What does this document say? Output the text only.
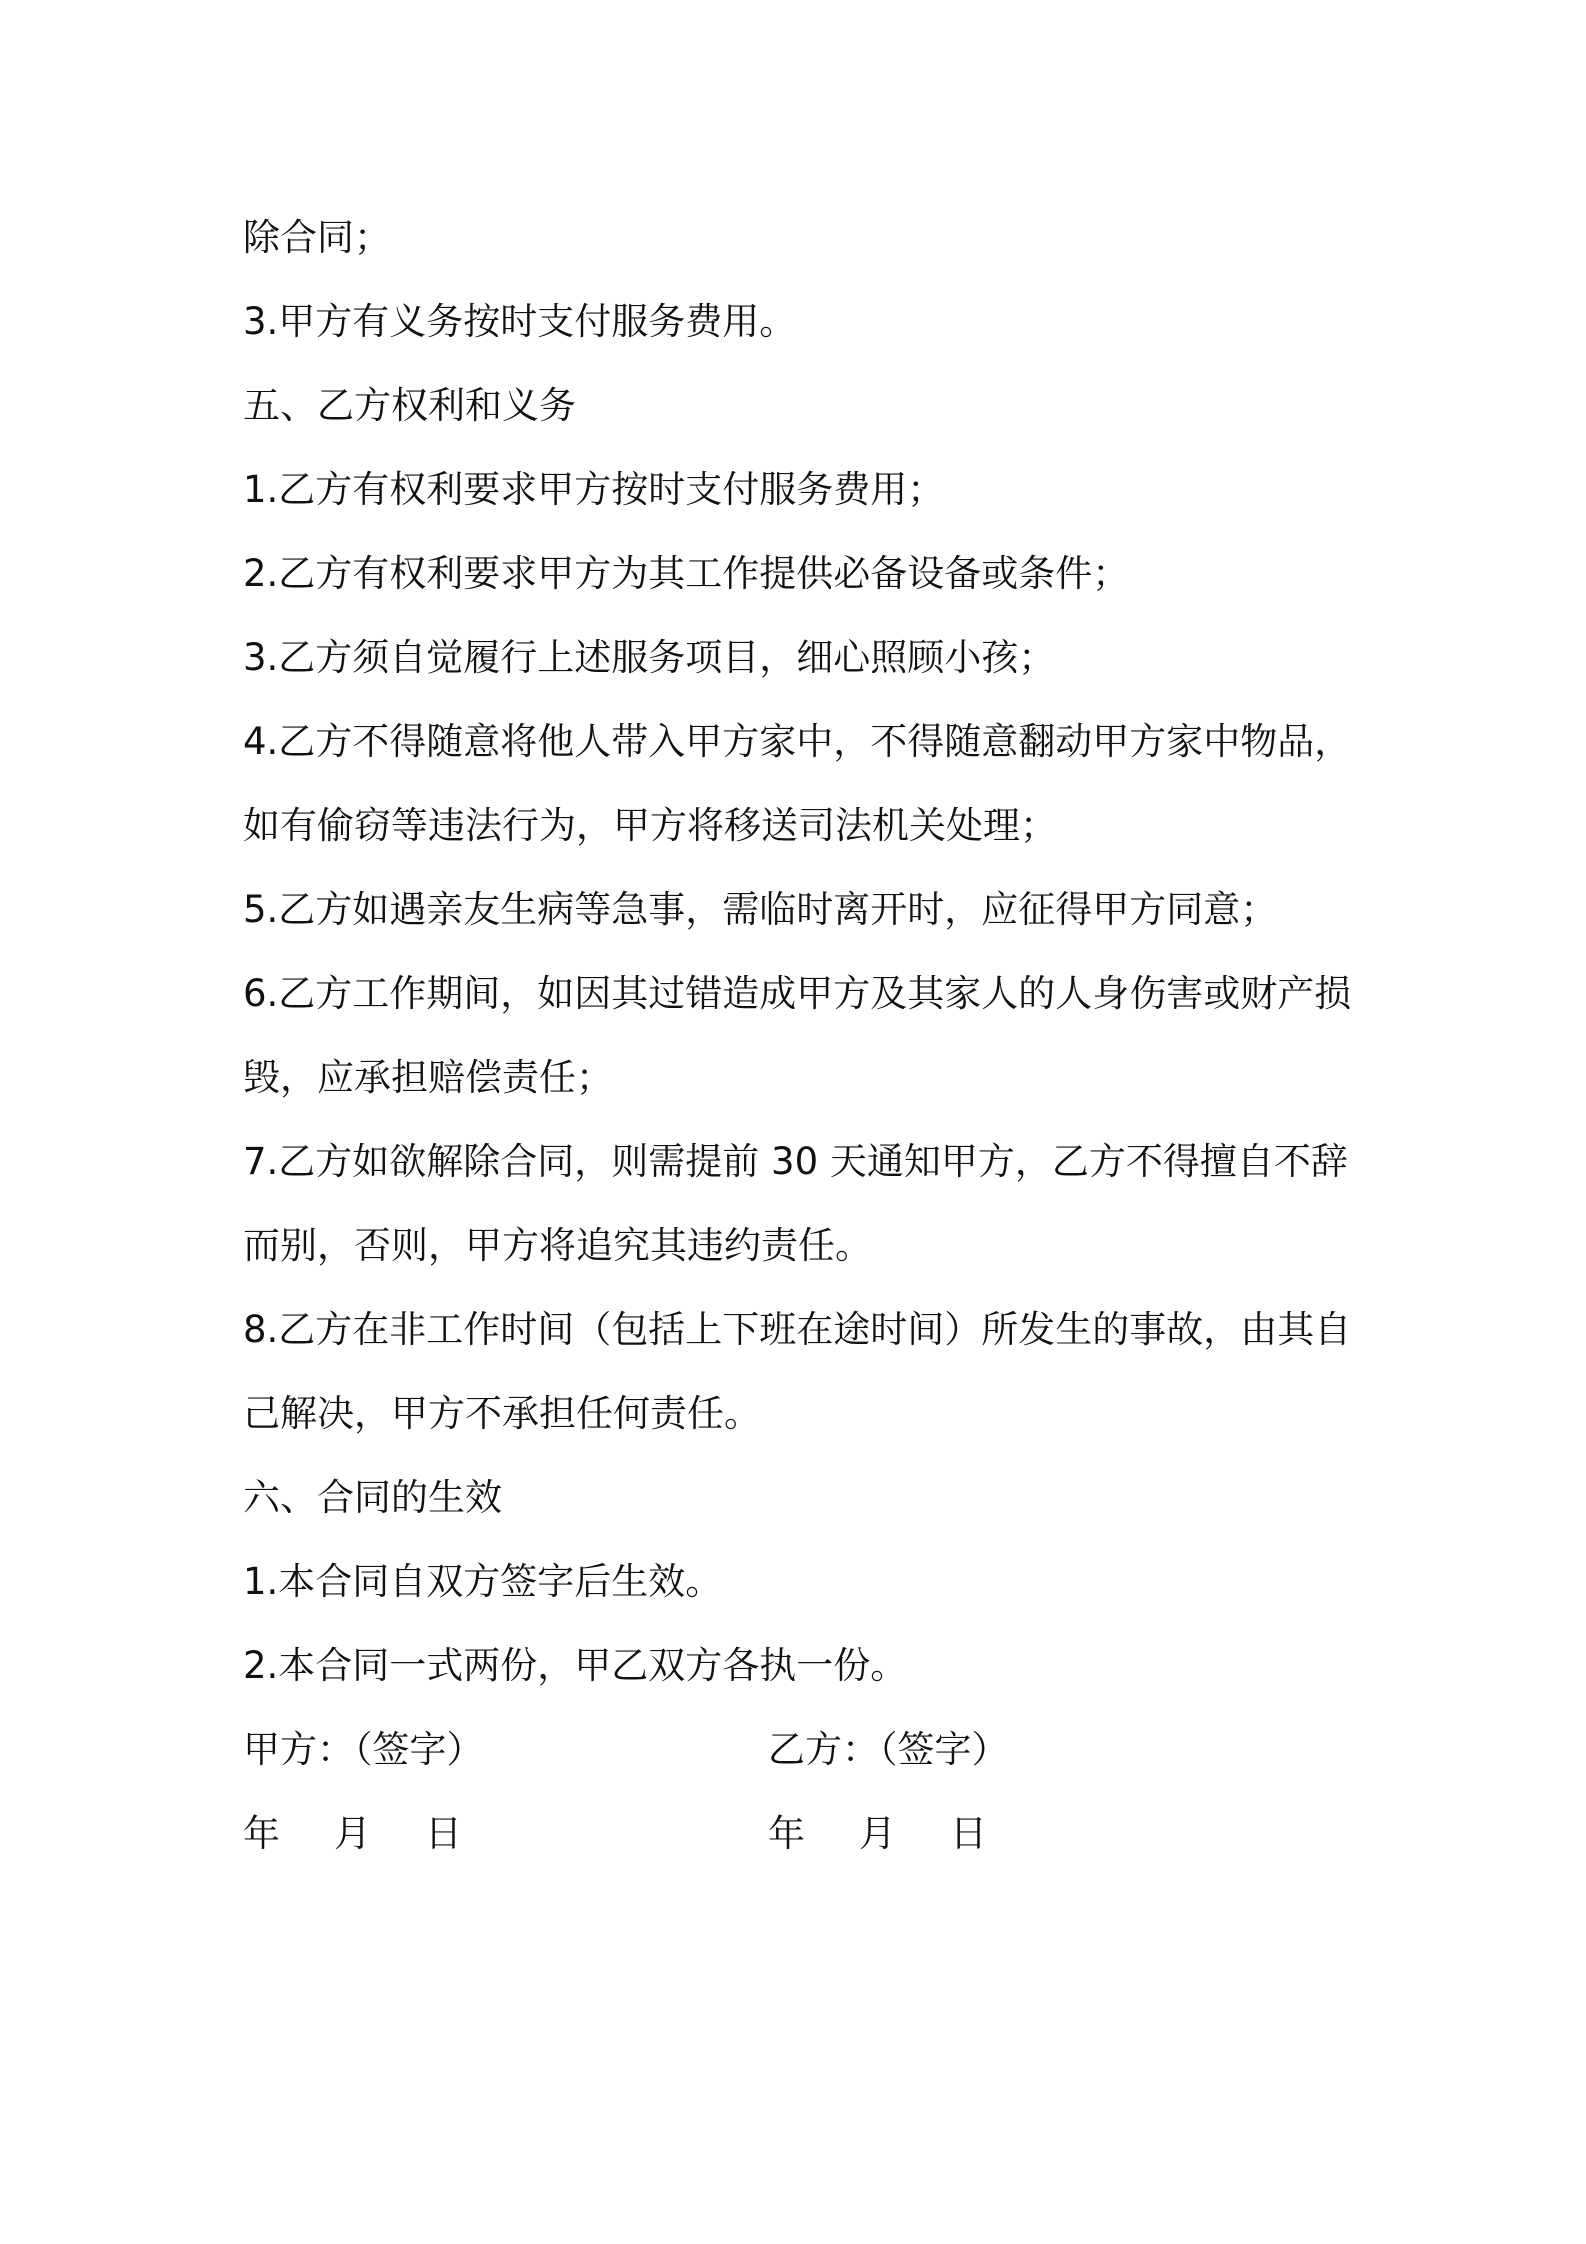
除合同；
3.甲方有义务按时支付服务费用。
五、乙方权利和义务
1.乙方有权利要求甲方按时支付服务费用；
2.乙方有权利要求甲方为其工作提供必备设备或条件；
3.乙方须自觉履行上述服务项目，细心照顾小孩；
4.乙方不得随意将他人带入甲方家中，不得随意翻动甲方家中物品，
如有偷窃等违法行为，甲方将移送司法机关处理；
5.乙方如遇亲友生病等急事，需临时离开时，应征得甲方同意；
6.乙方工作期间，如因其过错造成甲方及其家人的人身伤害或财产损
毁，应承担赔偿责任；
7.乙方如欲解除合同，则需提前 30 天通知甲方，乙方不得擅自不辞
而别，否则，甲方将追究其违约责任。
8.乙方在非工作时间（包括上下班在途时间）所发生的事故，由其自
己解决，甲方不承担任何责任。
六、合同的生效
1.本合同自双方签字后生效。
2.本合同一式两份，甲乙双方各执一份。
甲方：（签字）	乙方：（签字）
年 月 日	年 月 日
